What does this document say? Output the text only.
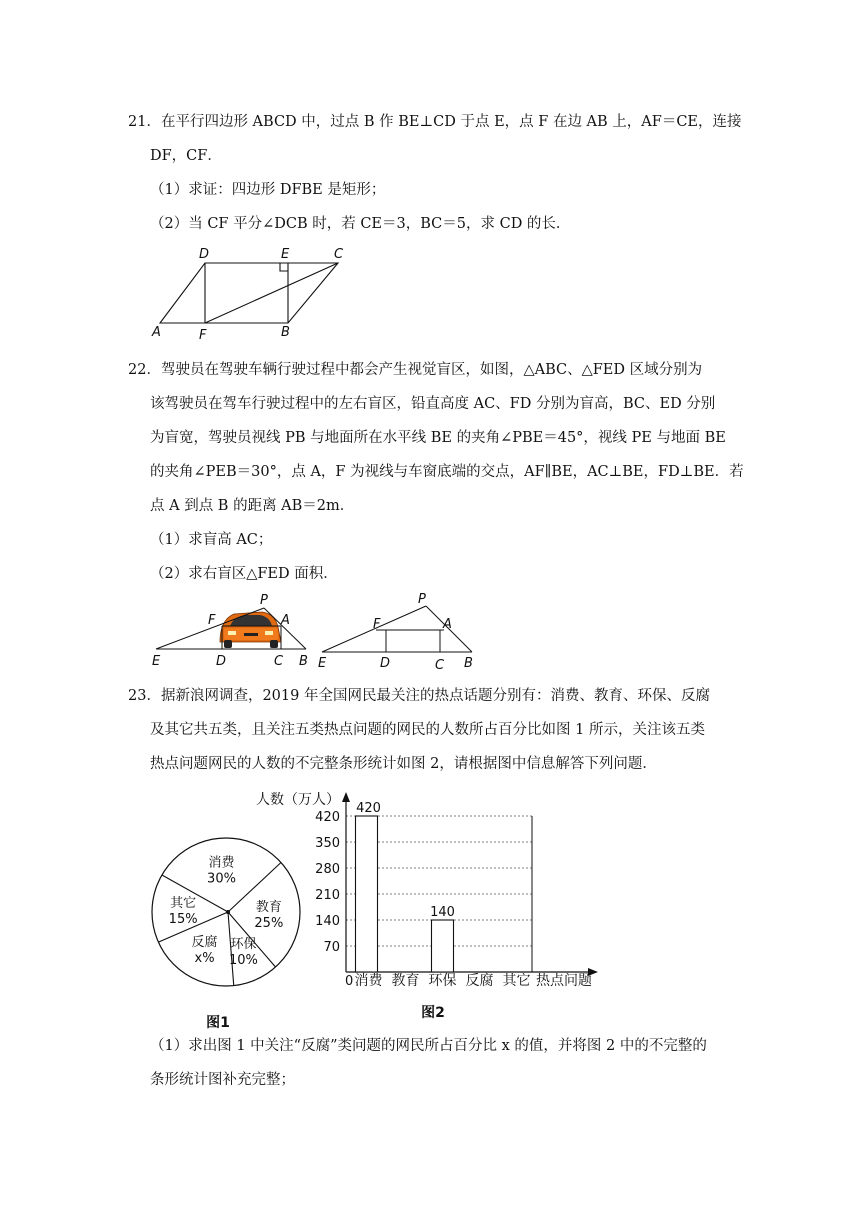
21．在平行四边形 ABCD 中，过点 B 作 BE⊥CD 于点 E，点 F 在边 AB 上，AF＝CE，连接
DF，CF．
（1）求证：四边形 DFBE 是矩形；
（2）当 CF 平分∠DCB 时，若 CE＝3，BC＝5，求 CD 的长．
A
D	E	C
F	B
22．驾驶员在驾驶车辆行驶过程中都会产生视觉盲区，如图，△ABC、△FED 区域分别为
该驾驶员在驾车行驶过程中的左右盲区，铅直高度 AC、FD 分别为盲高，BC、ED 分别
为盲宽，驾驶员视线 PB 与地面所在水平线 BE 的夹角∠PBE＝45°，视线 PE 与地面 BE
的夹角∠PEB＝30°，点 A，F 为视线与车窗底端的交点，AF∥BE，AC⊥BE，FD⊥BE．若
点 A 到点 B 的距离 AB＝2m．
（1）求盲高 AC；
（2）求右盲区△FED 面积．
P
F	A
E	D	C B
P
F	A
E	D	C B
23．据新浪网调查，2019 年全国网民最关注的热点话题分别有：消费、教育、环保、反腐
及其它共五类，且关注五类热点问题的网民的人数所占百分比如图 1 所示，关注该五类
热点问题网民的人数的不完整条形统计如图 2，请根据图中信息解答下列问题．
消费
30%
教育
25%
环保
10%
反腐
x%
其它
15%
图1
人数（万人）
70
140
210
280
350
420
420
140
消费 教育 环保 反腐 其它
0	热点问题
图2
（1）求出图 1 中关注“反腐”类问题的网民所占百分比 x 的值，并将图 2 中的不完整的
条形统计图补充完整；
